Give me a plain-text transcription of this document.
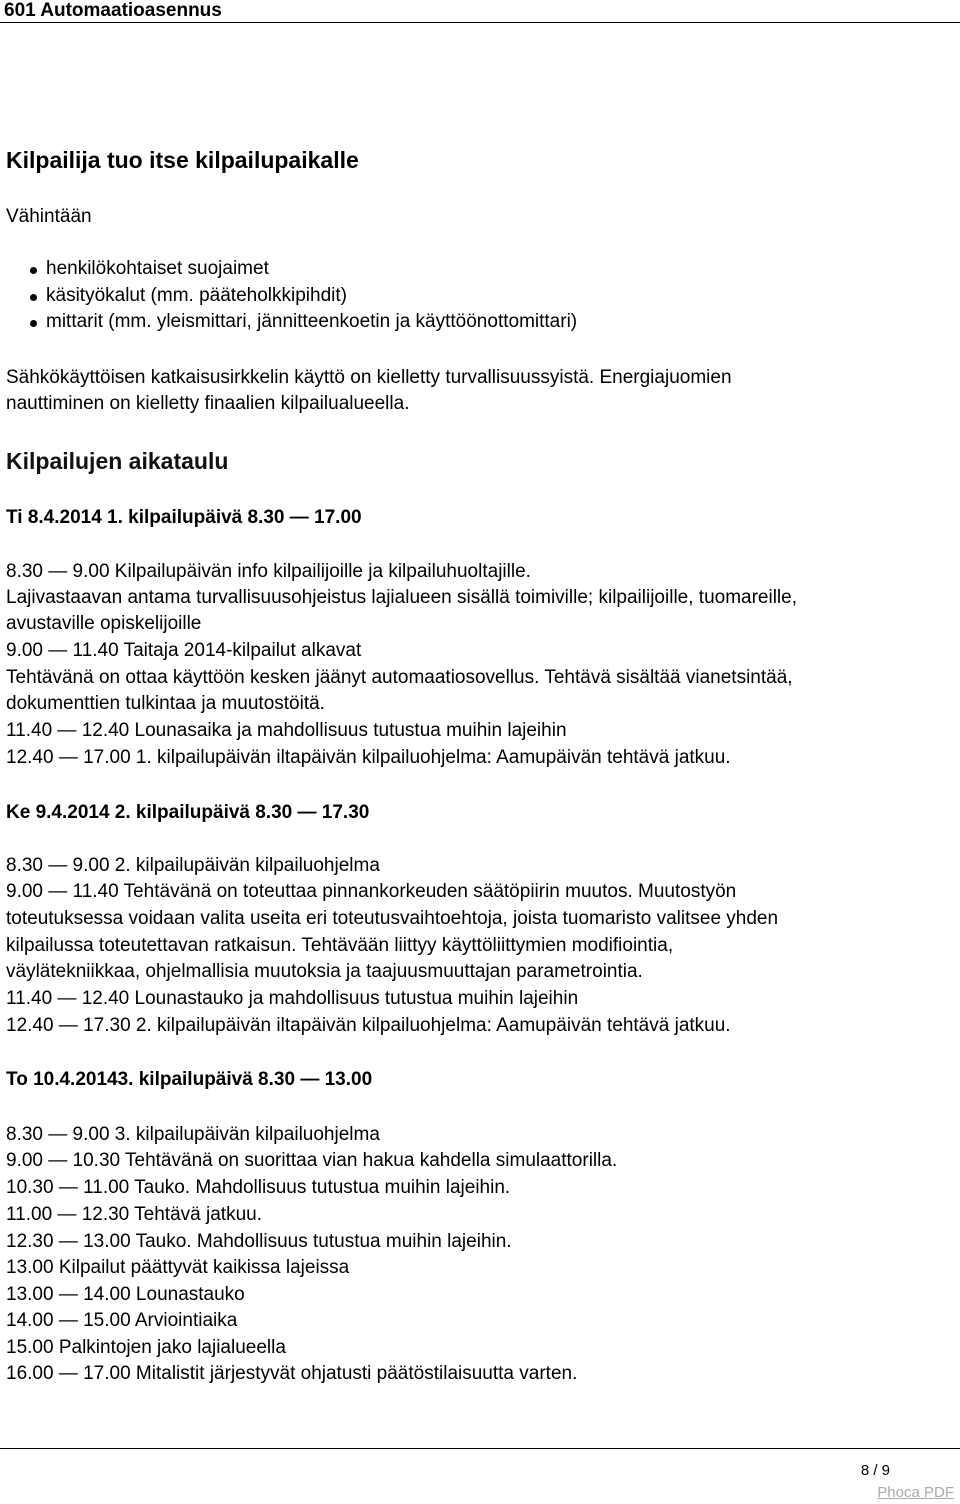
601 Automaatioasennus
Kilpailija tuo itse kilpailupaikalle
Vähintään
henkilökohtaiset suojaimet
käsityökalut (mm. pääteholkkipihdit)
mittarit (mm. yleismittari, jännitteenkoetin ja käyttöönottomittari)
Sähkökäyttöisen katkaisusirkkelin käyttö on kielletty turvallisuussyistä. Energiajuomien
nauttiminen on kielletty finaalien kilpailualueella.
Kilpailujen aikataulu
Ti 8.4.2014 1. kilpailupäivä 8.30 — 17.00
8.30 — 9.00 Kilpailupäivän info kilpailijoille ja kilpailuhuoltajille.
Lajivastaavan antama turvallisuusohjeistus lajialueen sisällä toimiville; kilpailijoille, tuomareille,
avustaville opiskelijoille
9.00 — 11.40 Taitaja 2014-kilpailut alkavat
Tehtävänä on ottaa käyttöön kesken jäänyt automaatiosovellus. Tehtävä sisältää vianetsintää,
dokumenttien tulkintaa ja muutostöitä.
11.40 — 12.40 Lounasaika ja mahdollisuus tutustua muihin lajeihin
12.40 — 17.00 1. kilpailupäivän iltapäivän kilpailuohjelma: Aamupäivän tehtävä jatkuu.
Ke 9.4.2014 2. kilpailupäivä 8.30 — 17.30
8.30 — 9.00 2. kilpailupäivän kilpailuohjelma
9.00 — 11.40 Tehtävänä on toteuttaa pinnankorkeuden säätöpiirin muutos. Muutostyön
toteutuksessa voidaan valita useita eri toteutusvaihtoehtoja, joista tuomaristo valitsee yhden
kilpailussa toteutettavan ratkaisun. Tehtävään liittyy käyttöliittymien modifiointia,
väylätekniikkaa, ohjelmallisia muutoksia ja taajuusmuuttajan parametrointia.
11.40 — 12.40 Lounastauko ja mahdollisuus tutustua muihin lajeihin
12.40 — 17.30 2. kilpailupäivän iltapäivän kilpailuohjelma: Aamupäivän tehtävä jatkuu.
To 10.4.20143. kilpailupäivä 8.30 — 13.00
8.30 — 9.00 3. kilpailupäivän kilpailuohjelma
9.00 — 10.30 Tehtävänä on suorittaa vian hakua kahdella simulaattorilla.
10.30 — 11.00 Tauko. Mahdollisuus tutustua muihin lajeihin.
11.00 — 12.30 Tehtävä jatkuu.
12.30 — 13.00 Tauko. Mahdollisuus tutustua muihin lajeihin.
13.00 Kilpailut päättyvät kaikissa lajeissa
13.00 — 14.00 Lounastauko
14.00 — 15.00 Arviointiaika
15.00 Palkintojen jako lajialueella
16.00 — 17.00 Mitalistit järjestyvät ohjatusti päätöstilaisuutta varten.
8 / 9
Phoca PDF
